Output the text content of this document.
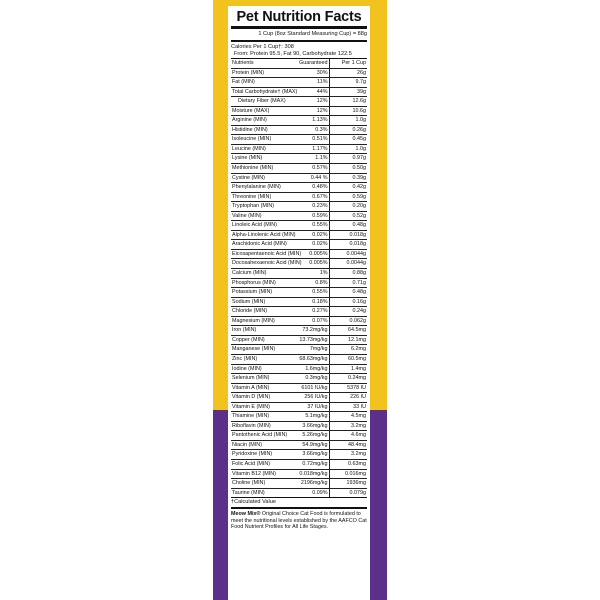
Pet Nutrition Facts
1 Cup (8oz Standard Measuring Cup) = 88g
Calories Per 1 Cup†: 308
From: Protein 95.5, Fat 90, Carbohydrate 122.5
Nutrients	Guaranteed	Per 1 Cup
Protein (MIN)	30%	26g
Fat (MIN)	11%	9.7g
Total Carbohydrate† (MAX)	44%	39g
Dietary Fiber (MAX)	12%	12.6g
Moisture (MAX)	12%	10.6g
Arginine (MIN)	1.13%	1.0g
Histidine (MIN)	0.3%	0.26g
Isoleucine (MIN)	0.51%	0.45g
Leucine (MIN)	1.17%	1.0g
Lysine (MIN)	1.1%	0.97g
Methionine (MIN)	0.57%	0.50g
Cystine (MIN)	0.44 %	0.39g
Phenylalanine (MIN)	0.48%	0.42g
Threonine (MIN)	0.67%	0.59g
Tryptophan (MIN)	0.23%	0.20g
Valine (MIN)	0.59%	0.52g
Linoleic Acid (MIN)	0.55%	0.48g
Alpha-Linolenic Acid (MIN)	0.02%	0.018g
Arachidonic Acid (MIN)	0.02%	0.018g
Eicosapentaenoic Acid (MIN)	0.005%	0.0044g
Docosahexaenoic Acid (MIN)	0.005%	0.0044g
Calcium (MIN)	1%	0.88g
Phosphorus (MIN)	0.8%	0.71g
Potassium (MIN)	0.55%	0.48g
Sodium (MIN)	0.18%	0.16g
Chloride (MIN)	0.27%	0.24g
Magnesium (MIN)	0.07%	0.062g
Iron (MIN)	73.2mg/kg	64.5mg
Copper (MIN)	13.73mg/kg	12.1mg
Manganese (MIN)	7mg/kg	6.2mg
Zinc (MIN)	68.63mg/kg	60.5mg
Iodine (MIN)	1.6mg/kg	1.4mg
Selenium (MIN)	0.3mg/kg	0.24mg
Vitamin A (MIN)	6101 IU/kg	5378 IU
Vitamin D (MIN)	256 IU/kg	226 IU
Vitamin E (MIN)	37 IU/kg	33 IU
Thiamine (MIN)	5.1mg/kg	4.5mg
Riboflavin (MIN)	3.66mg/kg	3.2mg
Pantothenic Acid (MIN)	5.26mg/kg	4.6mg
Niacin (MIN)	54.9mg/kg	48.4mg
Pyridoxine (MIN)	3.66mg/kg	3.2mg
Folic Acid (MIN)	0.72mg/kg	0.63mg
Vitamin B12 (MIN)	0.018mg/kg	0.016mg
Choline (MIN)	2196mg/kg	1936mg
Taurine (MIN)	0.09%	0.079g
†Calculated Value
Meow Mix® Original Choice Cat Food is formulated to meet the nutritional levels established by the AAFCO Cat Food Nutrient Profiles for All Life Stages.
